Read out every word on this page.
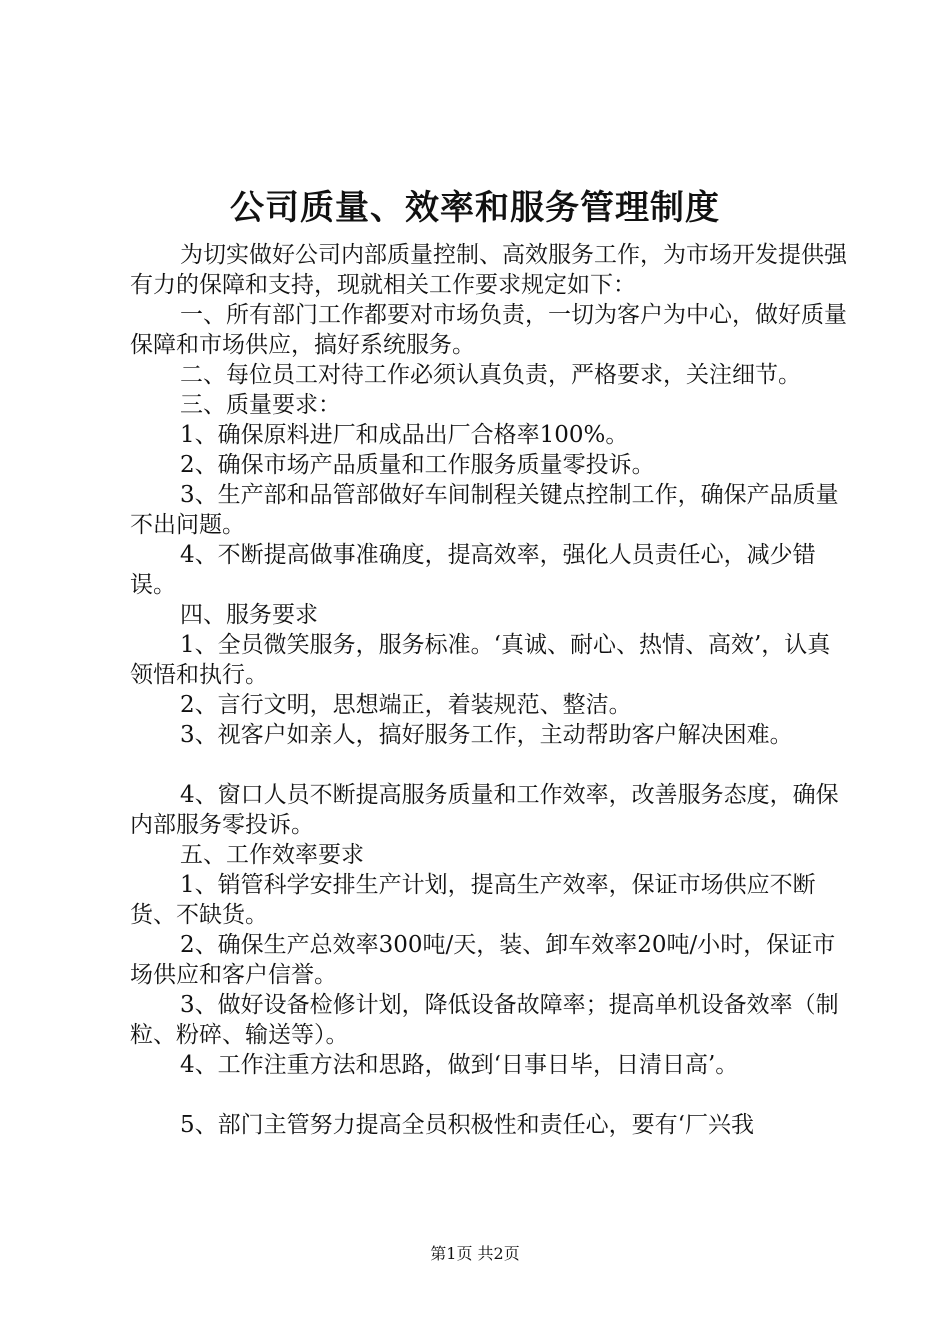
公司质量、效率和服务管理制度

为切实做好公司内部质量控制、高效服务工作，为市场开发提供强有力的保障和支持，现就相关工作要求规定如下：

一、所有部门工作都要对市场负责，一切为客户为中心，做好质量保障和市场供应，搞好系统服务。

二、每位员工对待工作必须认真负责，严格要求，关注细节。

三、质量要求：

1、确保原料进厂和成品出厂合格率100%。

2、确保市场产品质量和工作服务质量零投诉。

3、生产部和品管部做好车间制程关键点控制工作，确保产品质量不出问题。

4、不断提高做事准确度，提高效率，强化人员责任心，减少错误。

四、服务要求

1、全员微笑服务，服务标准。‘真诚、耐心、热情、高效’，认真领悟和执行。

2、言行文明，思想端正，着装规范、整洁。

3、视客户如亲人，搞好服务工作，主动帮助客户解决困难。

4、窗口人员不断提高服务质量和工作效率，改善服务态度，确保内部服务零投诉。

五、工作效率要求

1、销管科学安排生产计划，提高生产效率，保证市场供应不断货、不缺货。

2、确保生产总效率300吨/天，装、卸车效率20吨/小时，保证市场供应和客户信誉。

3、做好设备检修计划，降低设备故障率；提高单机设备效率（制粒、粉碎、输送等）。

4、工作注重方法和思路，做到‘日事日毕，日清日高’。

5、部门主管努力提高全员积极性和责任心，要有‘厂兴我

第1页 共2页
